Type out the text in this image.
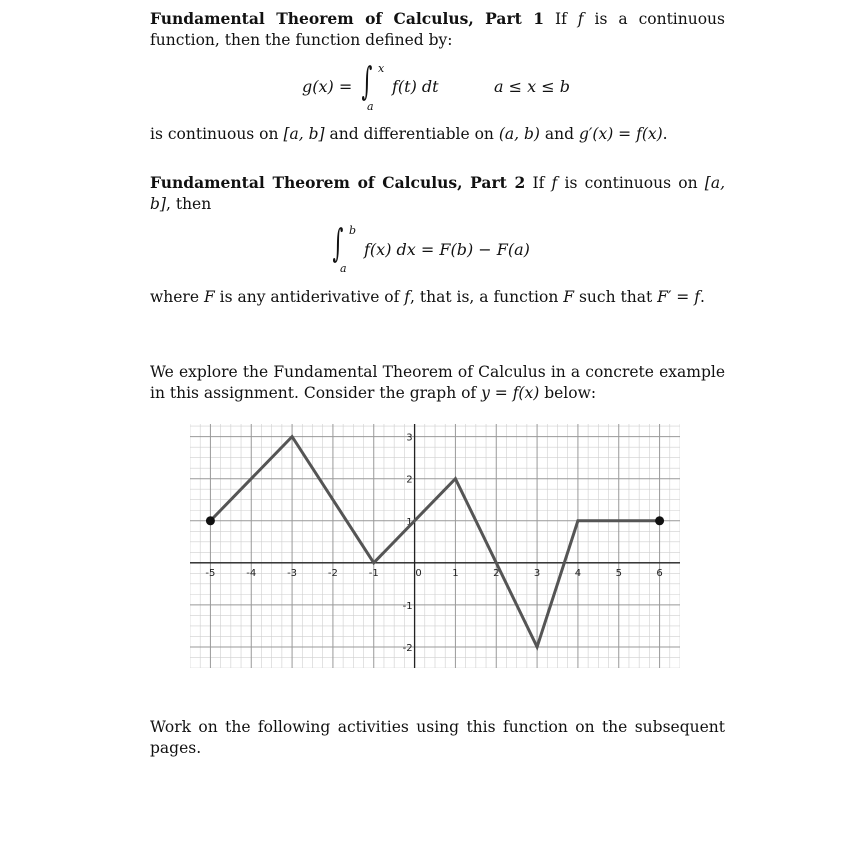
Fundamental Theorem of Calculus, Part 1 If f is a continuous function, then the function defined by:
g(x) = ∫ x
a
f(t) dt	a ≤ x ≤ b
is continuous on [a, b] and differentiable on (a, b) and g′(x) = f(x).
Fundamental Theorem of Calculus, Part 2 If f is continuous on [a, b], then
∫ b
a
f(x) dx = F(b) − F(a)
where F is any antiderivative of f, that is, a function F such that F′ = f.
We explore the Fundamental Theorem of Calculus in a concrete example in this assignment. Consider the graph of y = f(x) below:
-5	-4	-3	-2	-1	0	1	2	3	4	5	6
3
2
1
-1
-2
Work on the following activities using this function on the subsequent pages.
